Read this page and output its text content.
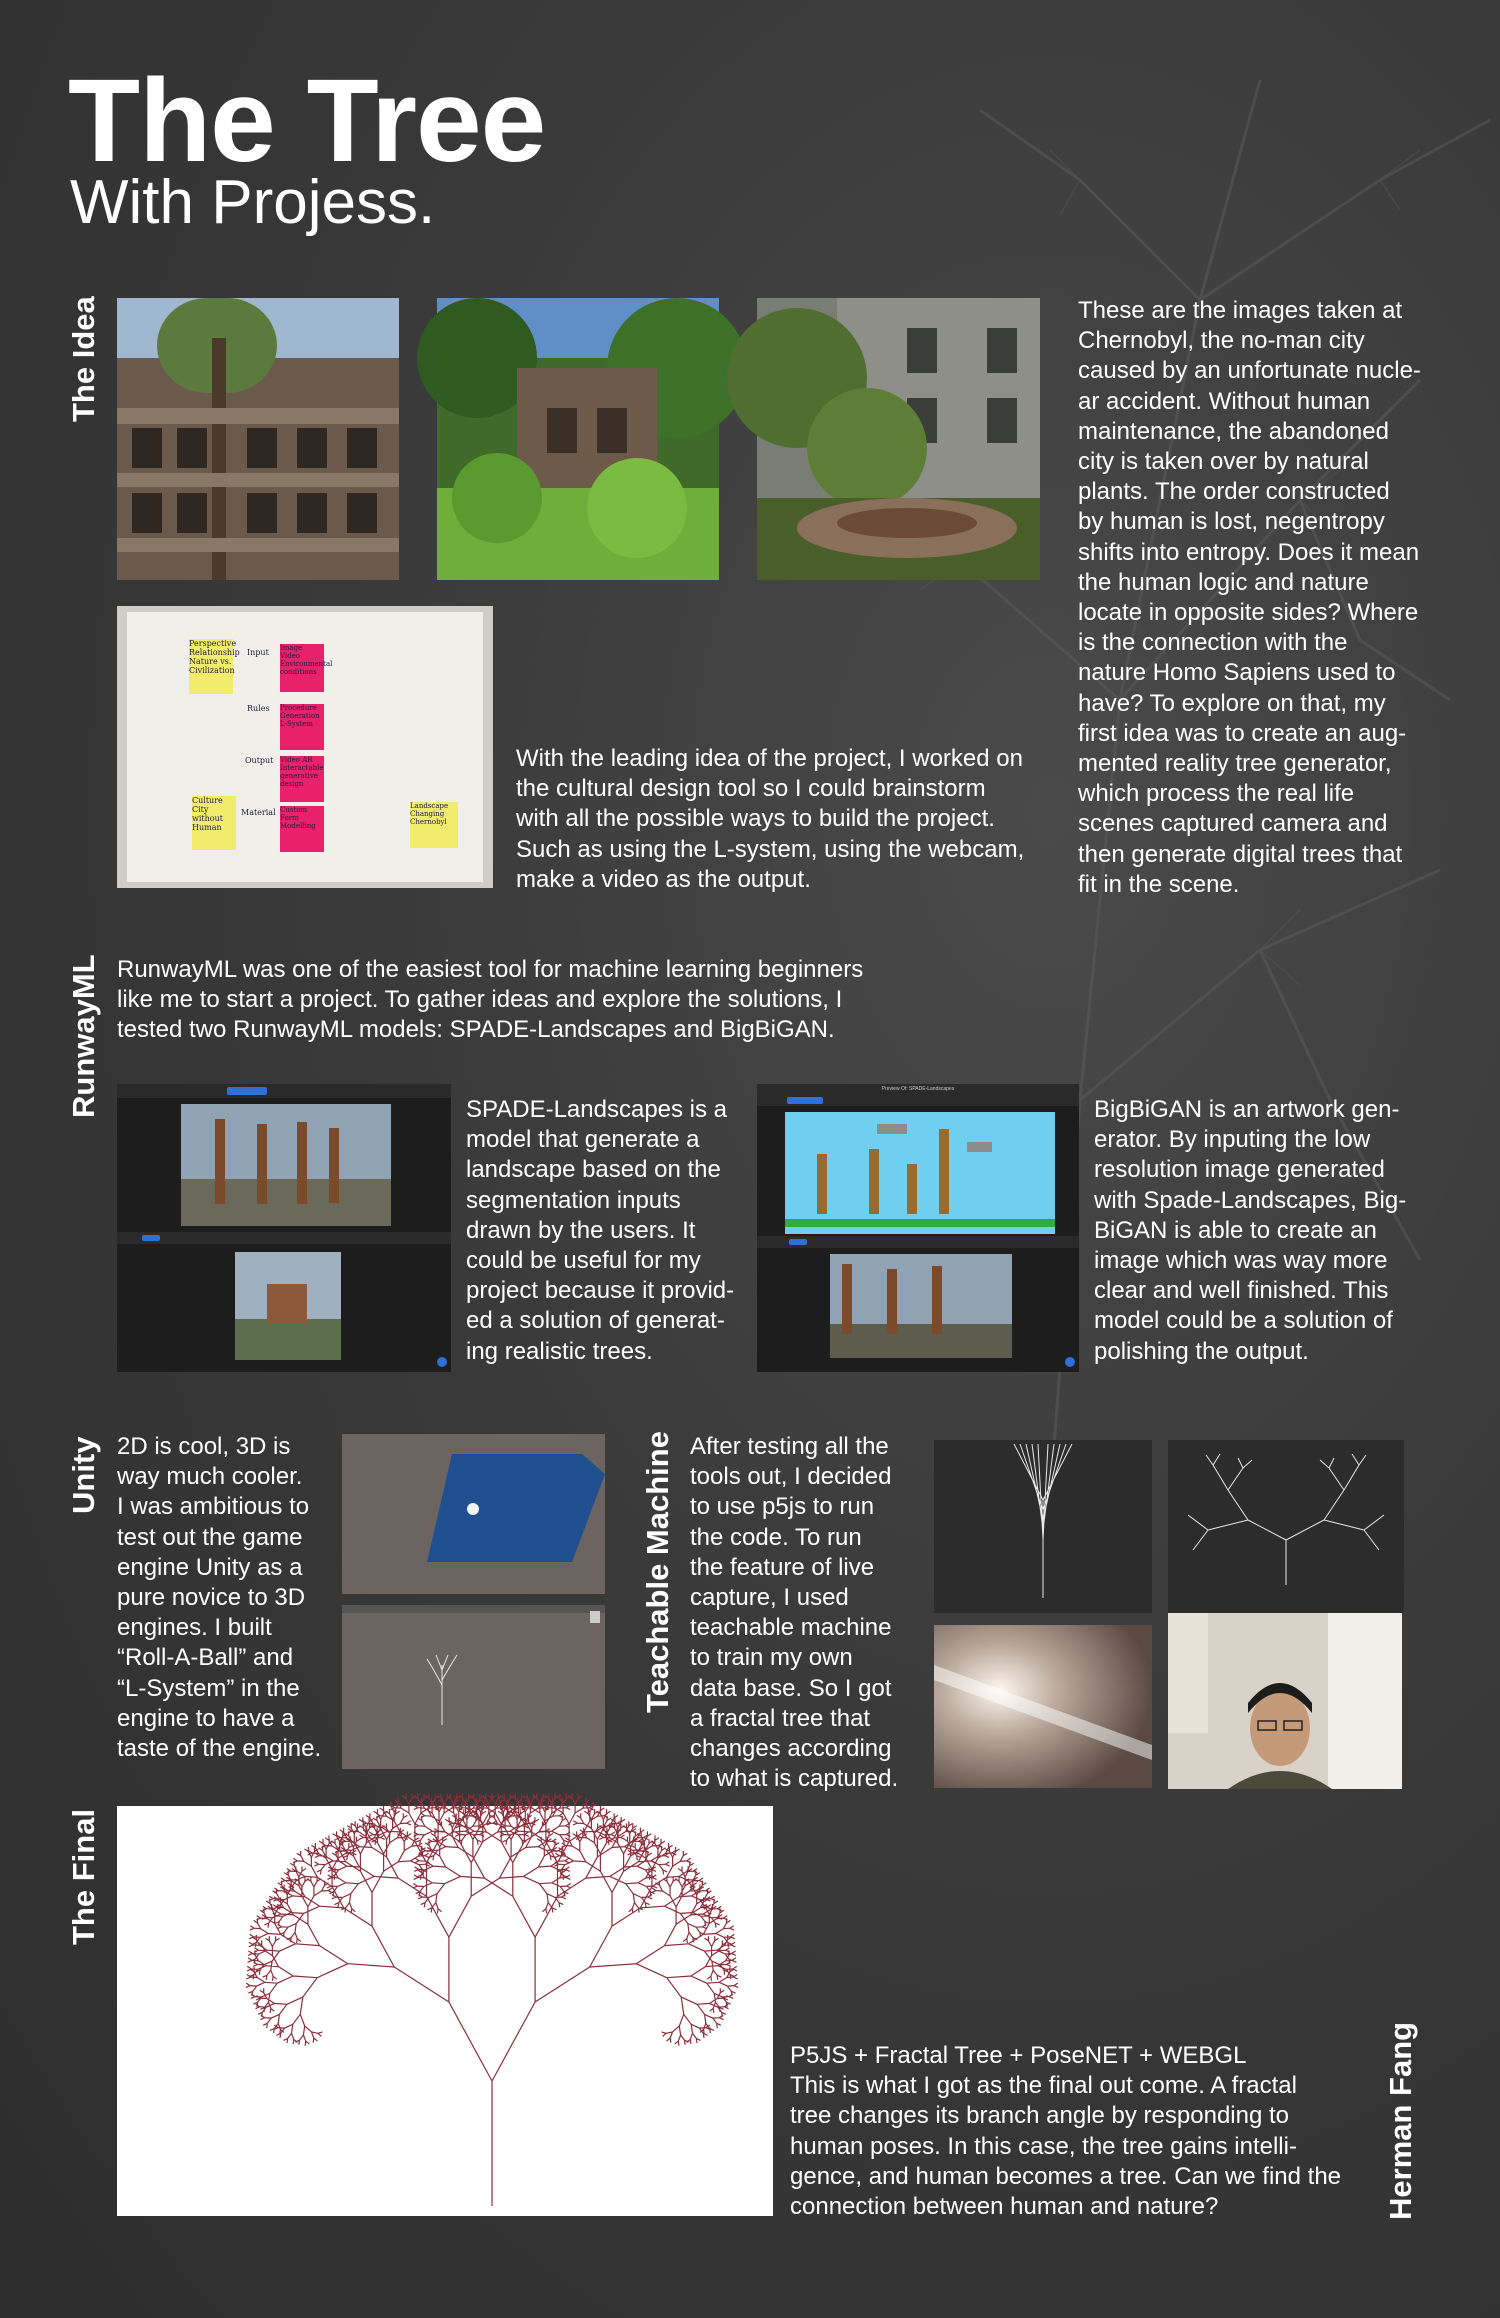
The Tree
With Projess.
The Idea
Perspective Relationship Nature vs. Civilization
Input Image Video Environmental conditions
Rules Procedure Generation L-System
Output Video AR Interactable generative design
Material Custom Form Modelling
Culture City without Human
Landscape Changing Chernobyl
With the leading idea of the project, I worked on
the cultural design tool so I could brainstorm
with all the possible ways to build the project.
Such as using the L-system, using the webcam,
make a video as the output.
These are the images taken at
Chernobyl, the no-man city
caused by an unfortunate nucle-
ar accident. Without human
maintenance, the abandoned
city is taken over by natural
plants. The order constructed
by human is lost, negentropy
shifts into entropy. Does it mean
the human logic and nature
locate in opposite sides? Where
is the connection with the
nature Homo Sapiens used to
have? To explore on that, my
first idea was to create an aug-
mented reality tree generator,
which process the real life
scenes captured camera and
then generate digital trees that
fit in the scene.
RunwayML RunwayML was one of the easiest tool for machine learning beginners
like me to start a project. To gather ideas and explore the solutions, I
tested two RunwayML models: SPADE-Landscapes and BigBiGAN.
SPADE-Landscapes is a
model that generate a
landscape based on the
segmentation inputs
drawn by the users. It
could be useful for my
project because it provid-
ed a solution of generat-
ing realistic trees.
Preview Of: SPADE-Landscapes
BigBiGAN is an artwork gen-
erator. By inputing the low
resolution image generated
with Spade-Landscapes, Big-
BiGAN is able to create an
image which was way more
clear and well finished. This
model could be a solution of
polishing the output.
Unity 2D is cool, 3D is
way much cooler.
I was ambitious to
test out the game
engine Unity as a
pure novice to 3D
engines. I built
“Roll-A-Ball” and
“L-System” in the
engine to have a
taste of the engine.
Teachable Machine After testing all the
tools out, I decided
to use p5js to run
the code. To run
the feature of live
capture, I used
teachable machine
to train my own
data base. So I got
a fractal tree that
changes according
to what is captured.
The Final
P5JS + Fractal Tree + PoseNET + WEBGL
This is what I got as the final out come. A fractal
tree changes its branch angle by responding to
human poses. In this case, the tree gains intelli-
gence, and human becomes a tree. Can we find the
connection between human and nature?	Herman Fang
